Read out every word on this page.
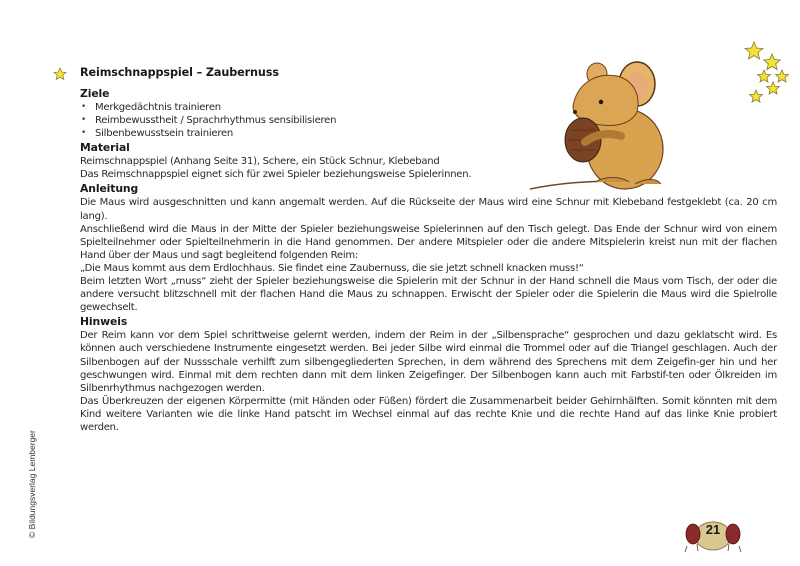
Reimschnappspiel – Zaubernuss
Ziele
• Merkgedächtnis trainieren
• Reimbewusstheit / Sprachrhythmus sensibilisieren
• Silbenbewusstsein trainieren
Material

Reimschnappspiel (Anhang Seite 31), Schere, ein Stück Schnur, Klebeband

Das Reimschnappspiel eignet sich für zwei Spieler beziehungsweise Spielerinnen.

Anleitung

Die Maus wird ausgeschnitten und kann angemalt werden. Auf die Rückseite der Maus wird eine Schnur mit Klebeband festgeklebt (ca. 20 cm lang).

Anschließend wird die Maus in der Mitte der Spieler beziehungsweise Spielerinnen auf den Tisch gelegt. Das Ende der Schnur wird von einem Spielteilnehmer oder Spielteilnehmerin in die Hand genommen. Der andere Mitspieler oder die andere Mitspielerin kreist nun mit der flachen Hand über der Maus und sagt begleitend folgenden Reim:

„Die Maus kommt aus dem Erdlochhaus. Sie findet eine Zaubernuss, die sie jetzt schnell knacken muss!“

Beim letzten Wort „muss“ zieht der Spieler beziehungsweise die Spielerin mit der Schnur in der Hand schnell die Maus vom Tisch, der oder die andere versucht blitzschnell mit der flachen Hand die Maus zu schnappen. Erwischt der Spieler oder die Spielerin die Maus wird die Spielrolle gewechselt.

Hinweis

Der Reim kann vor dem Spiel schrittweise gelernt werden, indem der Reim in der „Silbensprache“ gesprochen und dazu geklatscht wird. Es können auch verschiedene Instrumente eingesetzt werden. Bei jeder Silbe wird einmal die Trommel oder auf die Triangel geschlagen. Auch der Silbenbogen auf der Nussschale verhilft zum silbengegliederten Sprechen, in dem während des Sprechens mit dem Zeigefin-ger hin und her geschwungen wird. Einmal mit dem rechten dann mit dem linken Zeigefinger. Der Silbenbogen kann auch mit Farbstif-ten oder Ölkreiden im Silbenrhythmus nachgezogen werden.

Das Überkreuzen der eigenen Körpermitte (mit Händen oder Füßen) fördert die Zusammenarbeit beider Gehirnhälften. Somit könnten mit dem Kind weitere Varianten wie die linke Hand patscht im Wechsel einmal auf das rechte Knie und die rechte Hand auf das linke Knie probiert werden.

© Bildungsverlag Lemberger	21
